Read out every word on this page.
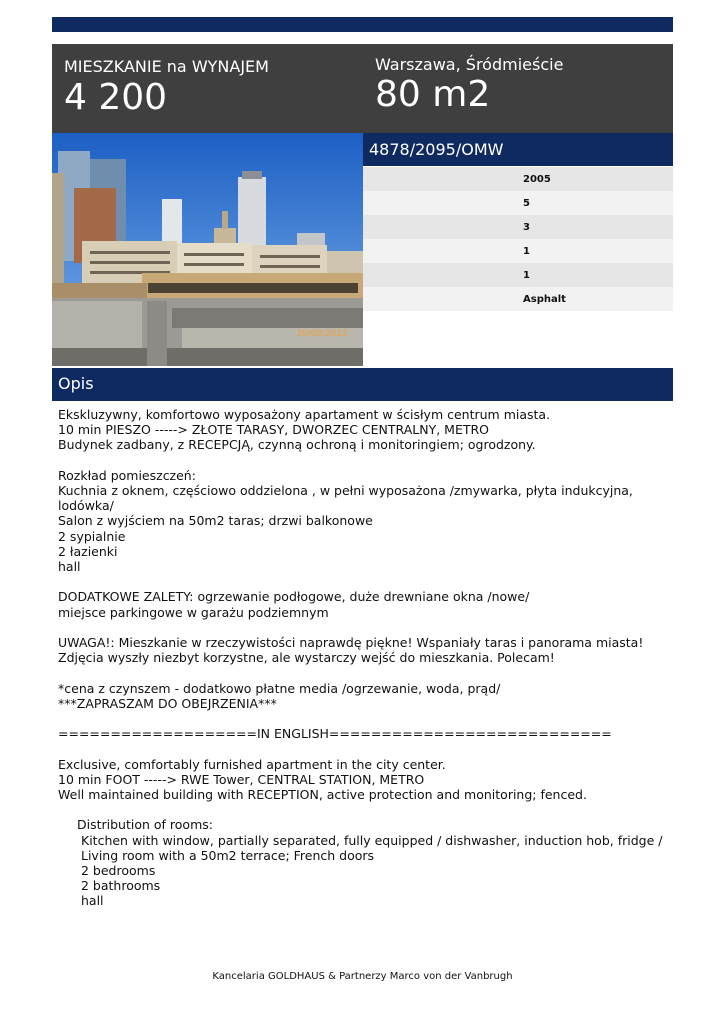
MIESZKANIE na WYNAJEM
4 200
Warszawa, Śródmieście
80 m2
30/08/2012
4878/2095/OMW
2005
5
3
1
1
Asphalt
Opis
Ekskluzywny, komfortowo wyposażony apartament w ścisłym centrum miasta.
10 min PIESZO -----> ZŁOTE TARASY, DWORZEC CENTRALNY, METRO
Budynek zadbany, z RECEPCJĄ, czynną ochroną i monitoringiem; ogrodzony.
Rozkład pomieszczeń:
Kuchnia z oknem, częściowo oddzielona , w pełni wyposażona /zmywarka, płyta indukcyjna, lodówka/
Salon z wyjściem na 50m2 taras; drzwi balkonowe
2 sypialnie
2 łazienki
hall
DODATKOWE ZALETY: ogrzewanie podłogowe, duże drewniane okna /nowe/
miejsce parkingowe w garażu podziemnym
UWAGA!: Mieszkanie w rzeczywistości naprawdę piękne! Wspaniały taras i panorama miasta!
Zdjęcia wyszły niezbyt korzystne, ale wystarczy wejść do mieszkania. Polecam!
*cena z czynszem - dodatkowo płatne media /ogrzewanie, woda, prąd/
***ZAPRASZAM DO OBEJRZENIA***
===================IN ENGLISH===========================
Exclusive, comfortably furnished apartment in the city center.
10 min FOOT -----> RWE Tower, CENTRAL STATION, METRO
Well maintained building with RECEPTION, active protection and monitoring; fenced.
Distribution of rooms:
Kitchen with window, partially separated, fully equipped / dishwasher, induction hob, fridge /
Living room with a 50m2 terrace; French doors
2 bedrooms
2 bathrooms
hall
Kancelaria GOLDHAUS & Partnerzy Marco von der Vanbrugh
